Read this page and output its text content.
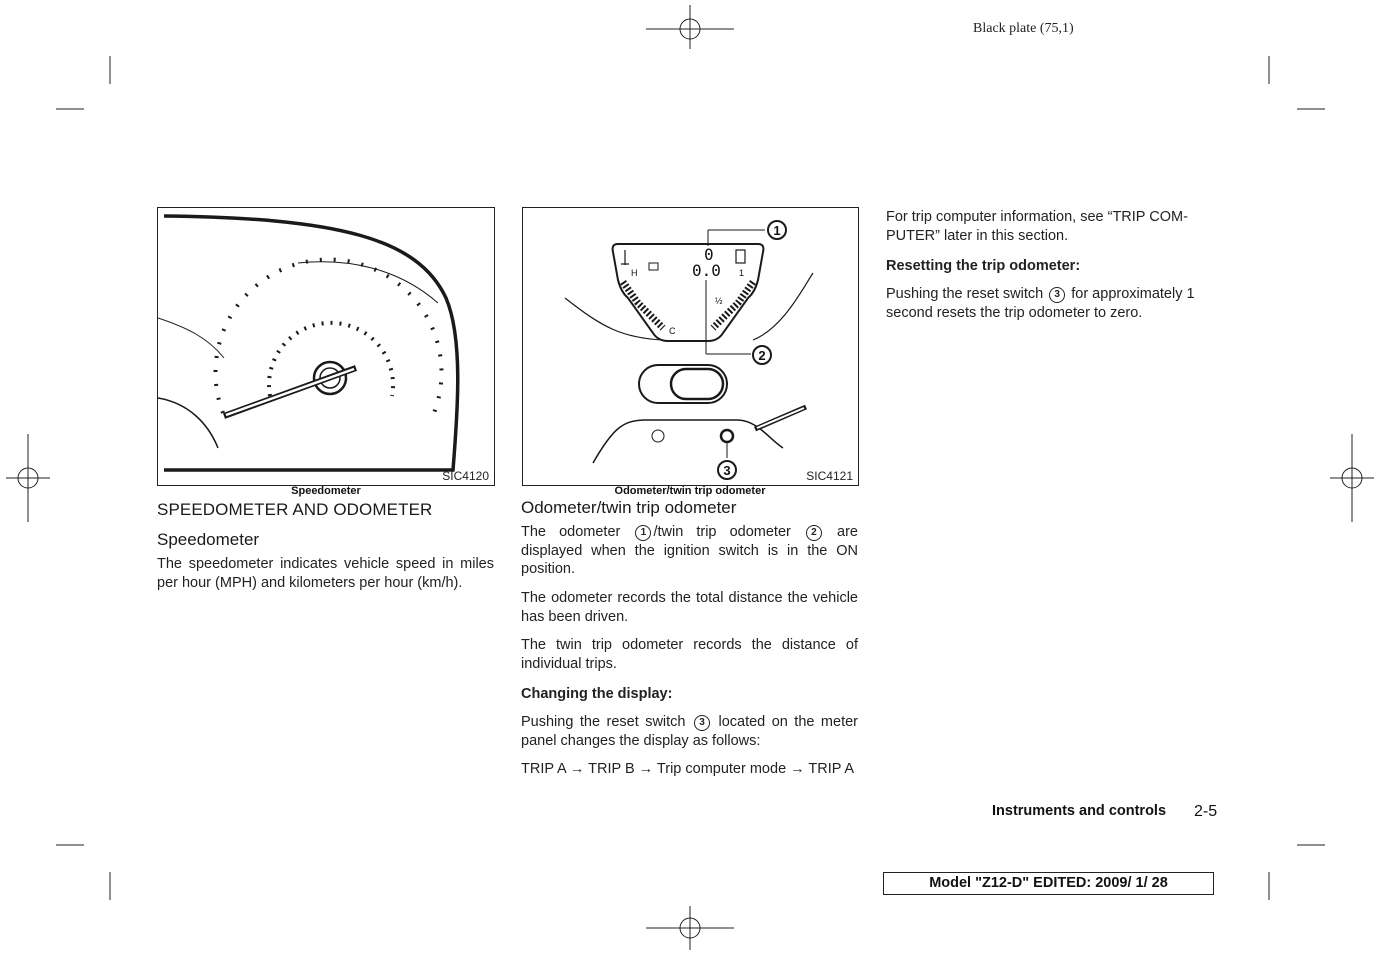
Black plate (75,1)
SIC4120
Speedometer
H
C
1
½
0
0.0
1
2
3	SIC4121
Odometer/twin trip odometer
SPEEDOMETER AND ODOMETER
Speedometer
The speedometer indicates vehicle speed in miles per hour (MPH) and kilometers per hour (km/h).
Odometer/twin trip odometer
The odometer 1 /twin trip odometer 2 are displayed when the ignition switch is in the ON position.
The odometer records the total distance the vehicle has been driven.
The twin trip odometer records the distance of individual trips.
Changing the display:
Pushing the reset switch 3 located on the meter panel changes the display as follows:
TRIP A → TRIP B → Trip computer mode → TRIP A
For trip computer information, see “TRIP COM-PUTER” later in this section.
Resetting the trip odometer:
Pushing the reset switch 3 for approximately 1 second resets the trip odometer to zero.
Instruments and controls 2-5
Model "Z12-D" EDITED: 2009/ 1/ 28
